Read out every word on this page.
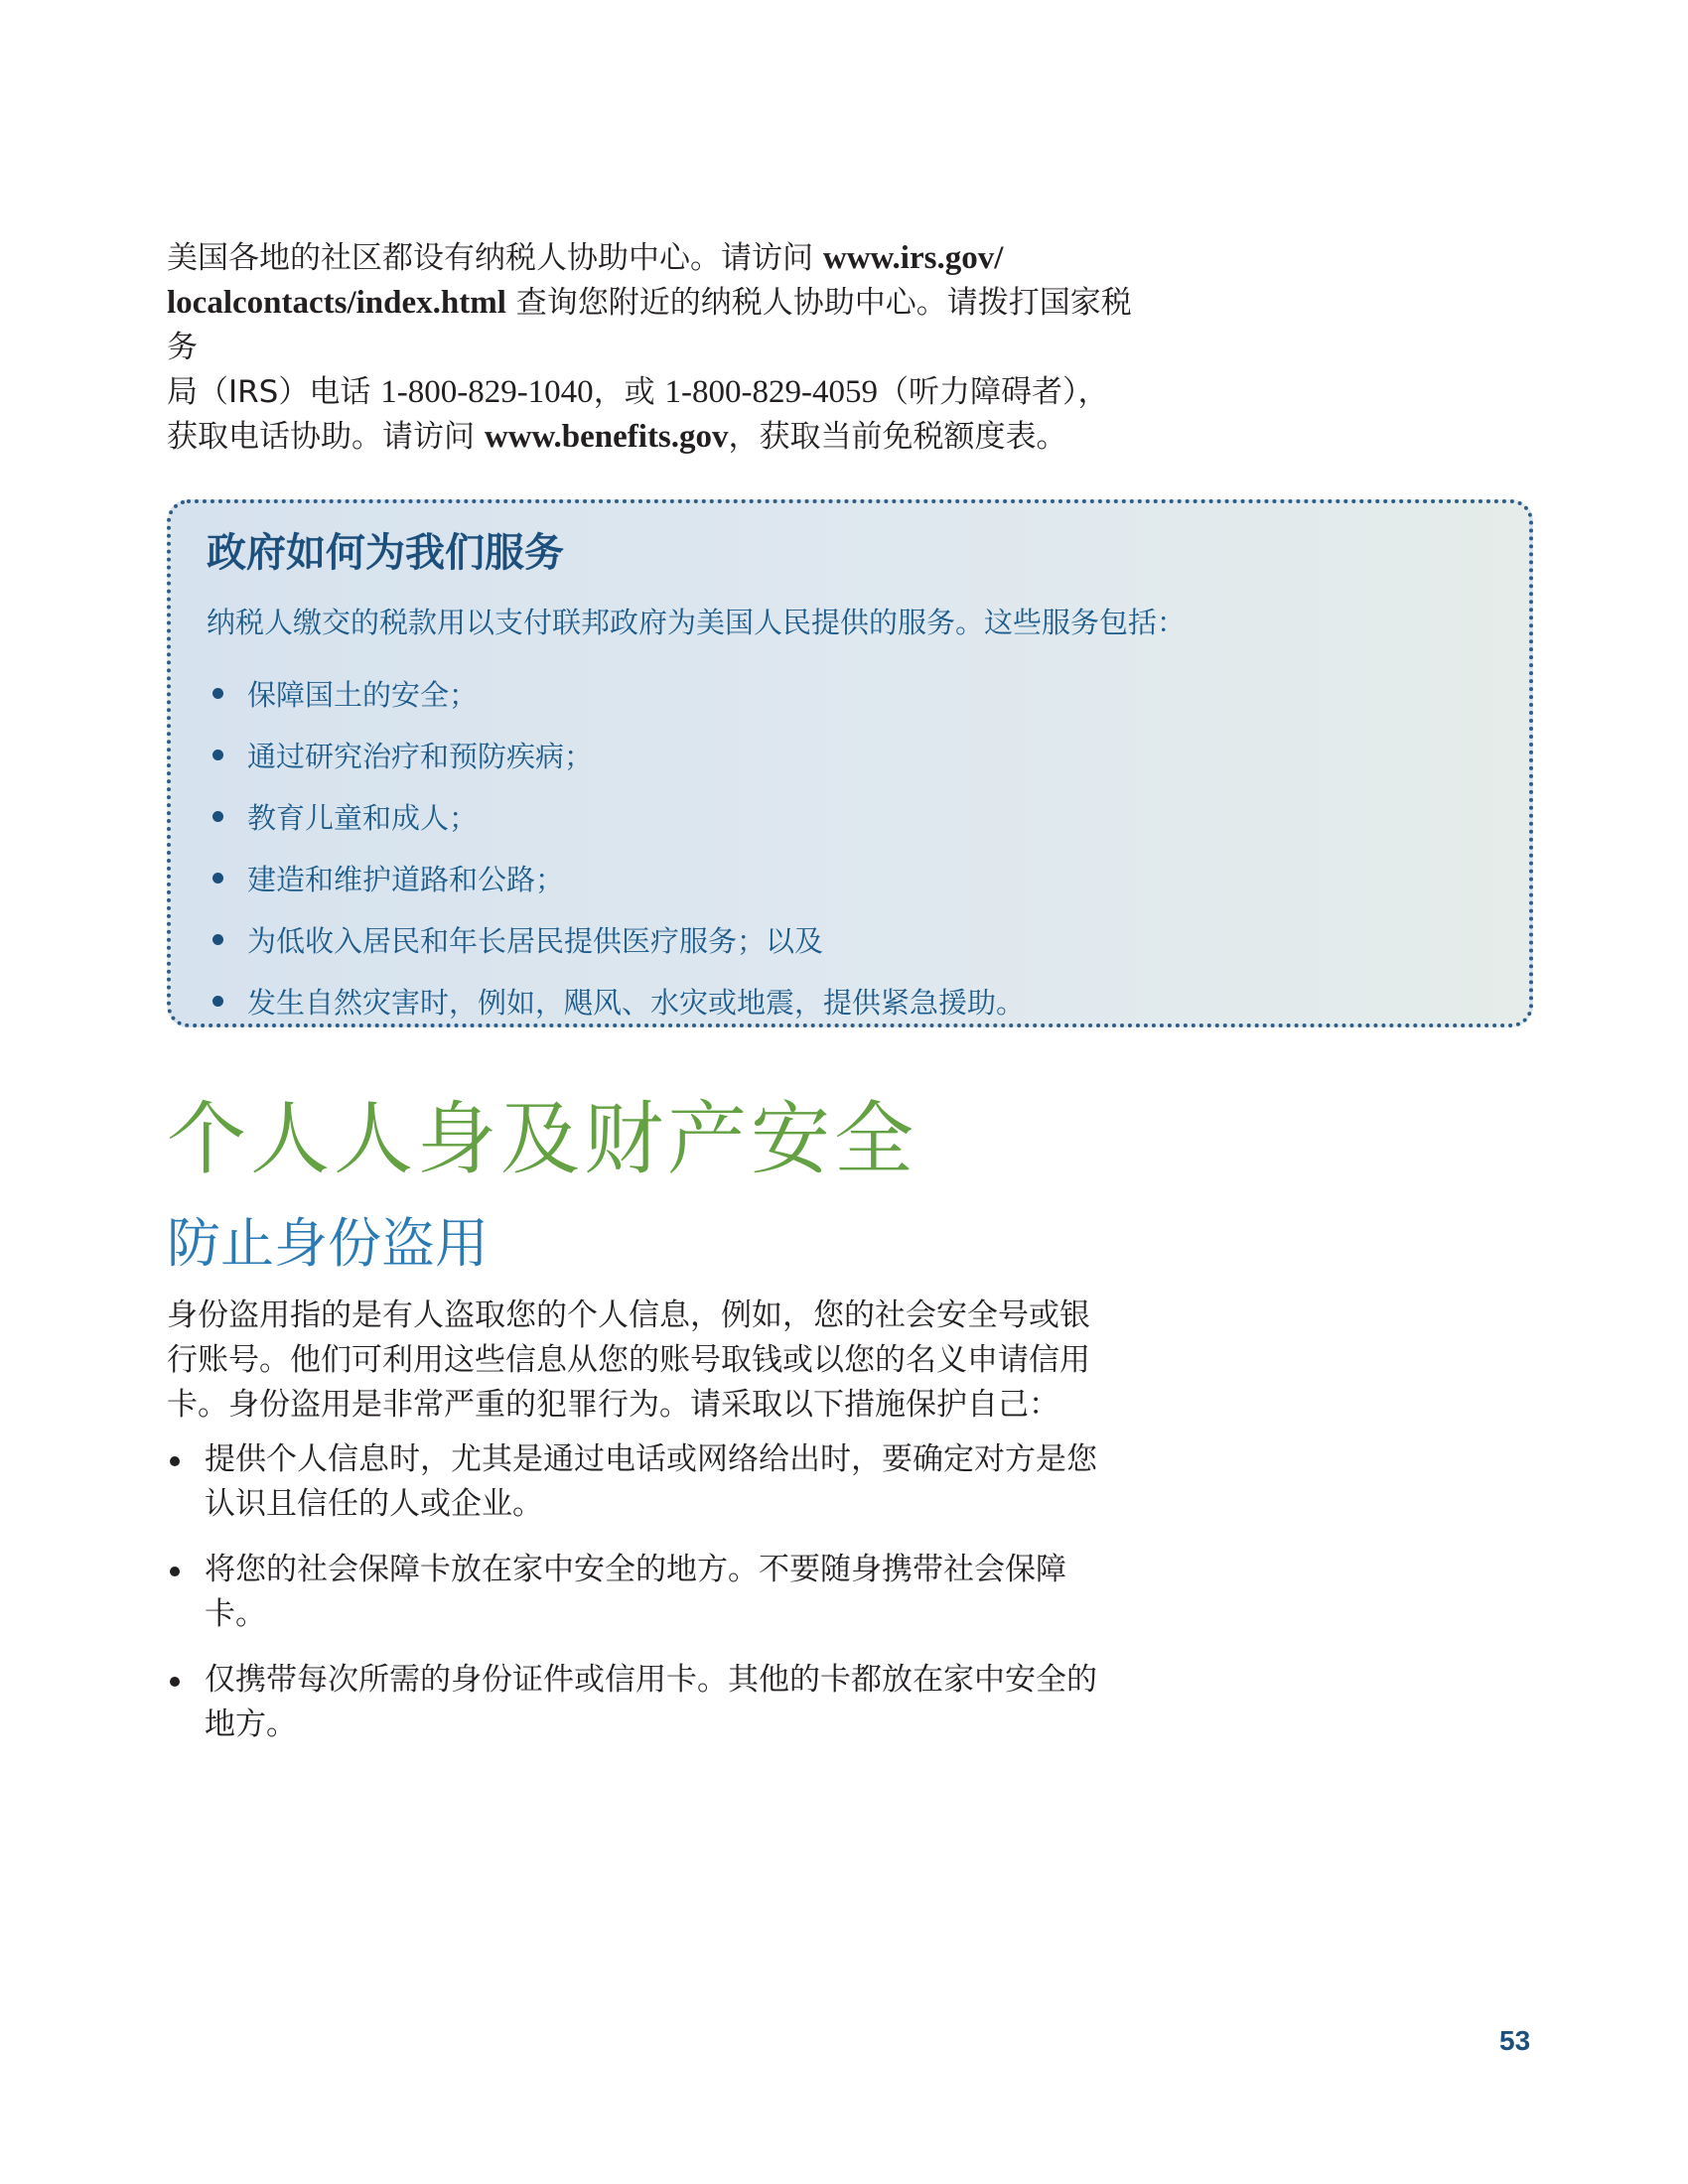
美国各地的社区都设有纳税人协助中心。请访问 www.irs.gov/

localcontacts/index.html 查询您附近的纳税人协助中心。请拨打国家税务

局（IRS）电话 1-800-829-1040，或 1-800-829-4059（听力障碍者），

获取电话协助。请访问 www.benefits.gov，获取当前免税额度表。

政府如何为我们服务

纳税人缴交的税款用以支付联邦政府为美国人民提供的服务。这些服务包括：

保障国土的安全；
通过研究治疗和预防疾病；
教育儿童和成人；
建造和维护道路和公路；
为低收入居民和年长居民提供医疗服务；以及
发生自然灾害时，例如，飓风、水灾或地震，提供紧急援助。
个人人身及财产安全
防止身份盗用

身份盗用指的是有人盗取您的个人信息，例如，您的社会安全号或银
行账号。他们可利用这些信息从您的账号取钱或以您的名义申请信用
卡。身份盗用是非常严重的犯罪行为。请采取以下措施保护自己：

提供个人信息时，尤其是通过电话或网络给出时，要确定对方是您
认识且信任的人或企业。
将您的社会保障卡放在家中安全的地方。不要随身携带社会保障
卡。
仅携带每次所需的身份证件或信用卡。其他的卡都放在家中安全的
地方。
53
